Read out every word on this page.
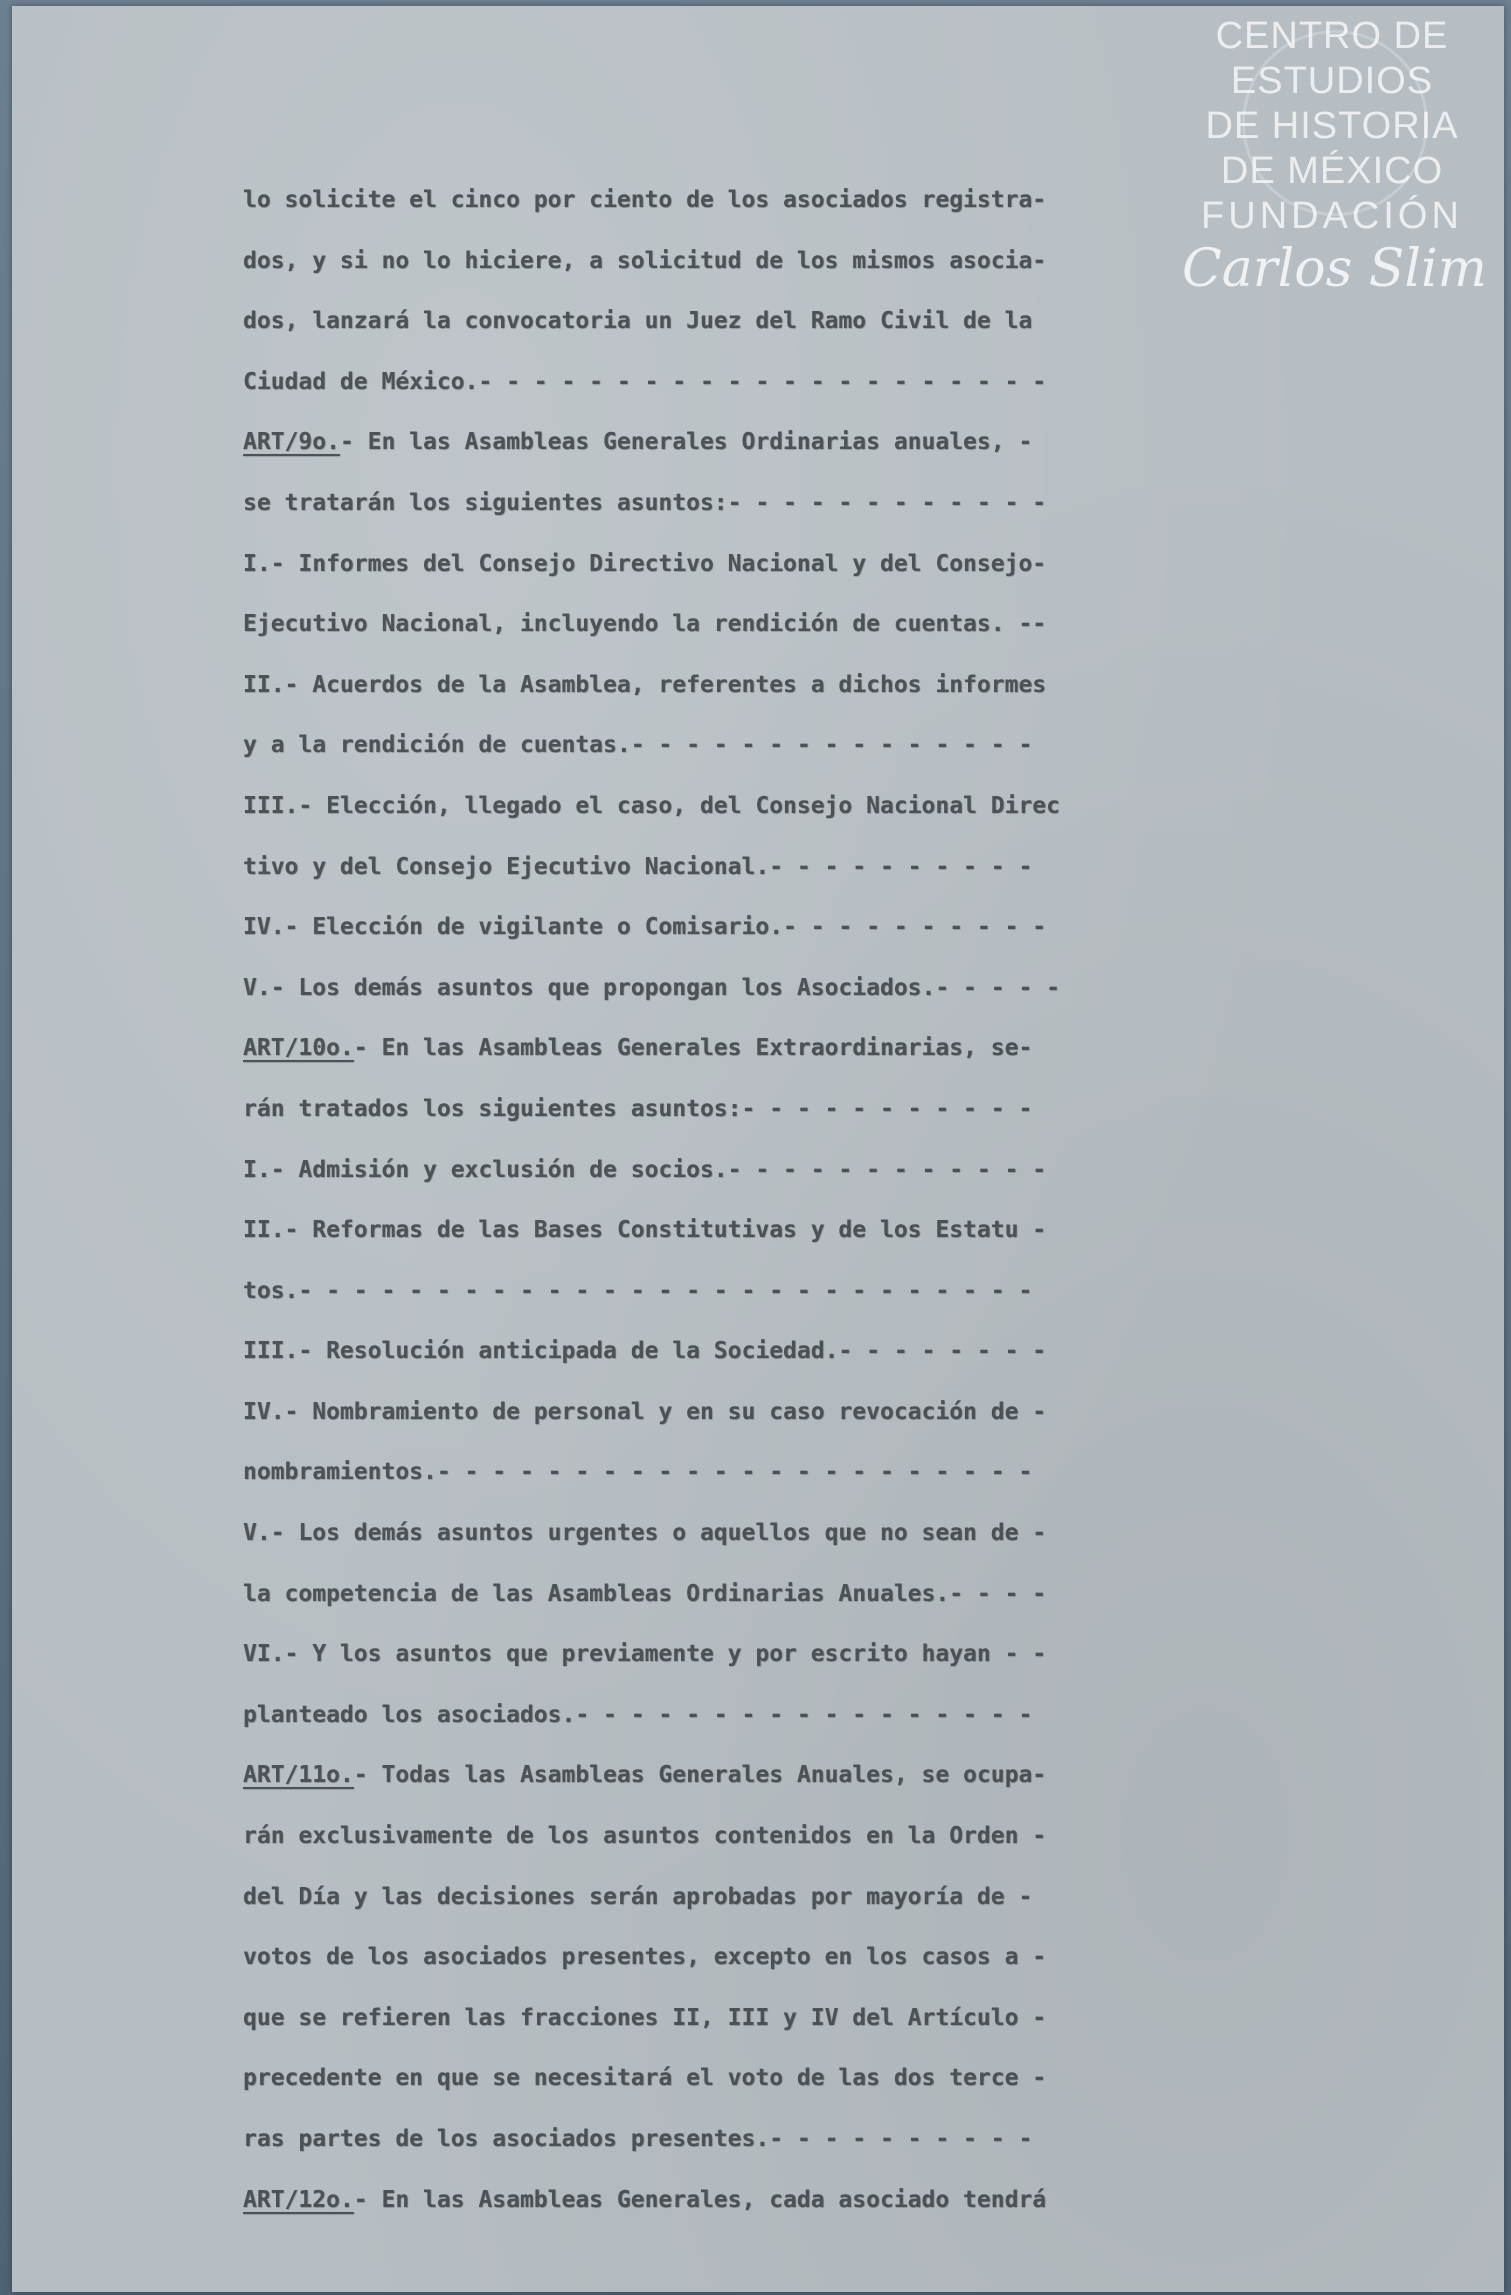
CENTRO DE
ESTUDIOS
DE HISTORIA
DE MÉXICO
FUNDACIÓN
Carlos Slim
lo solicite el cinco por ciento de los asociados registra-
dos, y si no lo hiciere, a solicitud de los mismos asocia-
dos, lanzará la convocatoria un Juez del Ramo Civil de la
Ciudad de México.- - - - - - - - - - - - - - - - - - - - -
ART/9o.- En las Asambleas Generales Ordinarias anuales, -
se tratarán los siguientes asuntos:- - - - - - - - - - - -
I.- Informes del Consejo Directivo Nacional y del Consejo-
Ejecutivo Nacional, incluyendo la rendición de cuentas. --
II.- Acuerdos de la Asamblea, referentes a dichos informes
y a la rendición de cuentas.- - - - - - - - - - - - - - -
III.- Elección, llegado el caso, del Consejo Nacional Direc
tivo y del Consejo Ejecutivo Nacional.- - - - - - - - - -
IV.- Elección de vigilante o Comisario.- - - - - - - - - -
V.- Los demás asuntos que propongan los Asociados.- - - - -
ART/10o.- En las Asambleas Generales Extraordinarias, se-
rán tratados los siguientes asuntos:- - - - - - - - - - -
I.- Admisión y exclusión de socios.- - - - - - - - - - - -
II.- Reformas de las Bases Constitutivas y de los Estatu -
tos.- - - - - - - - - - - - - - - - - - - - - - - - - - -
III.- Resolución anticipada de la Sociedad.- - - - - - - -
IV.- Nombramiento de personal y en su caso revocación de -
nombramientos.- - - - - - - - - - - - - - - - - - - - - -
V.- Los demás asuntos urgentes o aquellos que no sean de -
la competencia de las Asambleas Ordinarias Anuales.- - - -
VI.- Y los asuntos que previamente y por escrito hayan - -
planteado los asociados.- - - - - - - - - - - - - - - - -
ART/11o.- Todas las Asambleas Generales Anuales, se ocupa-
rán exclusivamente de los asuntos contenidos en la Orden -
del Día y las decisiones serán aprobadas por mayoría de -
votos de los asociados presentes, excepto en los casos a -
que se refieren las fracciones II, III y IV del Artículo -
precedente en que se necesitará el voto de las dos terce -
ras partes de los asociados presentes.- - - - - - - - - -
ART/12o.- En las Asambleas Generales, cada asociado tendrá
